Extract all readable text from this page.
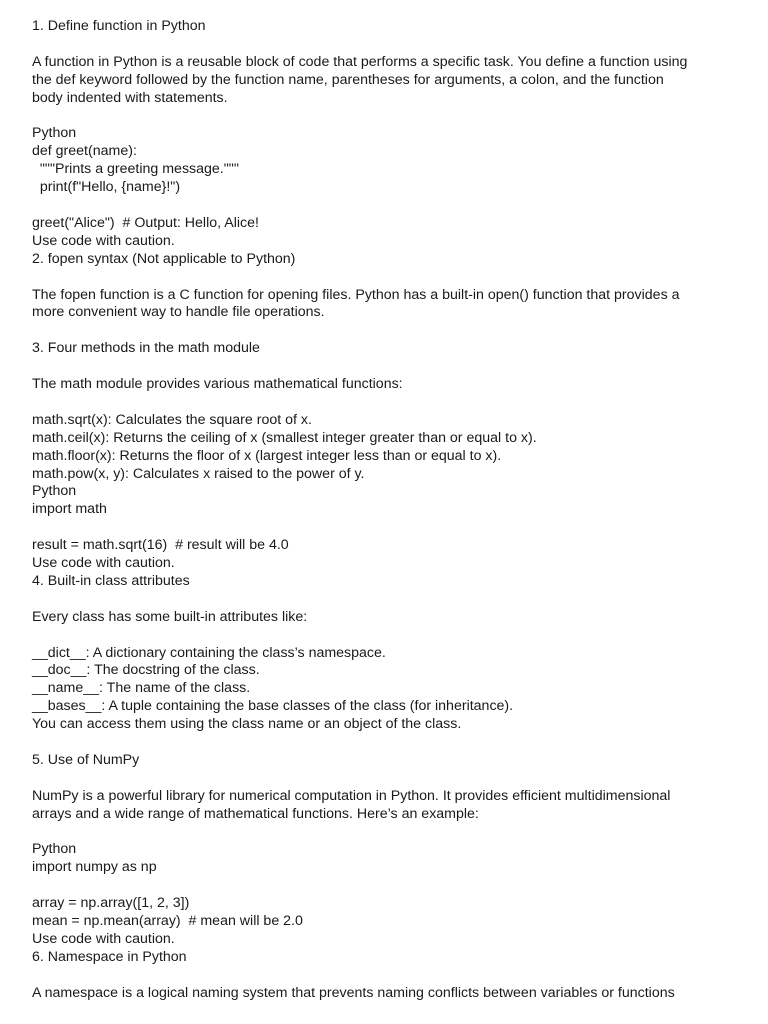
1. Define function in Python
A function in Python is a reusable block of code that performs a specific task. You define a function using
the def keyword followed by the function name, parentheses for arguments, a colon, and the function
body indented with statements.
Python
def greet(name):
"""Prints a greeting message."""
print(f"Hello, {name}!")
greet("Alice")  # Output: Hello, Alice!
Use code with caution.
2. fopen syntax (Not applicable to Python)
The fopen function is a C function for opening files. Python has a built-in open() function that provides a
more convenient way to handle file operations.
3. Four methods in the math module
The math module provides various mathematical functions:
math.sqrt(x): Calculates the square root of x.
math.ceil(x): Returns the ceiling of x (smallest integer greater than or equal to x).
math.floor(x): Returns the floor of x (largest integer less than or equal to x).
math.pow(x, y): Calculates x raised to the power of y.
Python
import math
result = math.sqrt(16)  # result will be 4.0
Use code with caution.
4. Built-in class attributes
Every class has some built-in attributes like:
__dict__: A dictionary containing the class’s namespace.
__doc__: The docstring of the class.
__name__: The name of the class.
__bases__: A tuple containing the base classes of the class (for inheritance).
You can access them using the class name or an object of the class.
5. Use of NumPy
NumPy is a powerful library for numerical computation in Python. It provides efficient multidimensional
arrays and a wide range of mathematical functions. Here’s an example:
Python
import numpy as np
array = np.array([1, 2, 3])
mean = np.mean(array)  # mean will be 2.0
Use code with caution.
6. Namespace in Python
A namespace is a logical naming system that prevents naming conflicts between variables or functions
